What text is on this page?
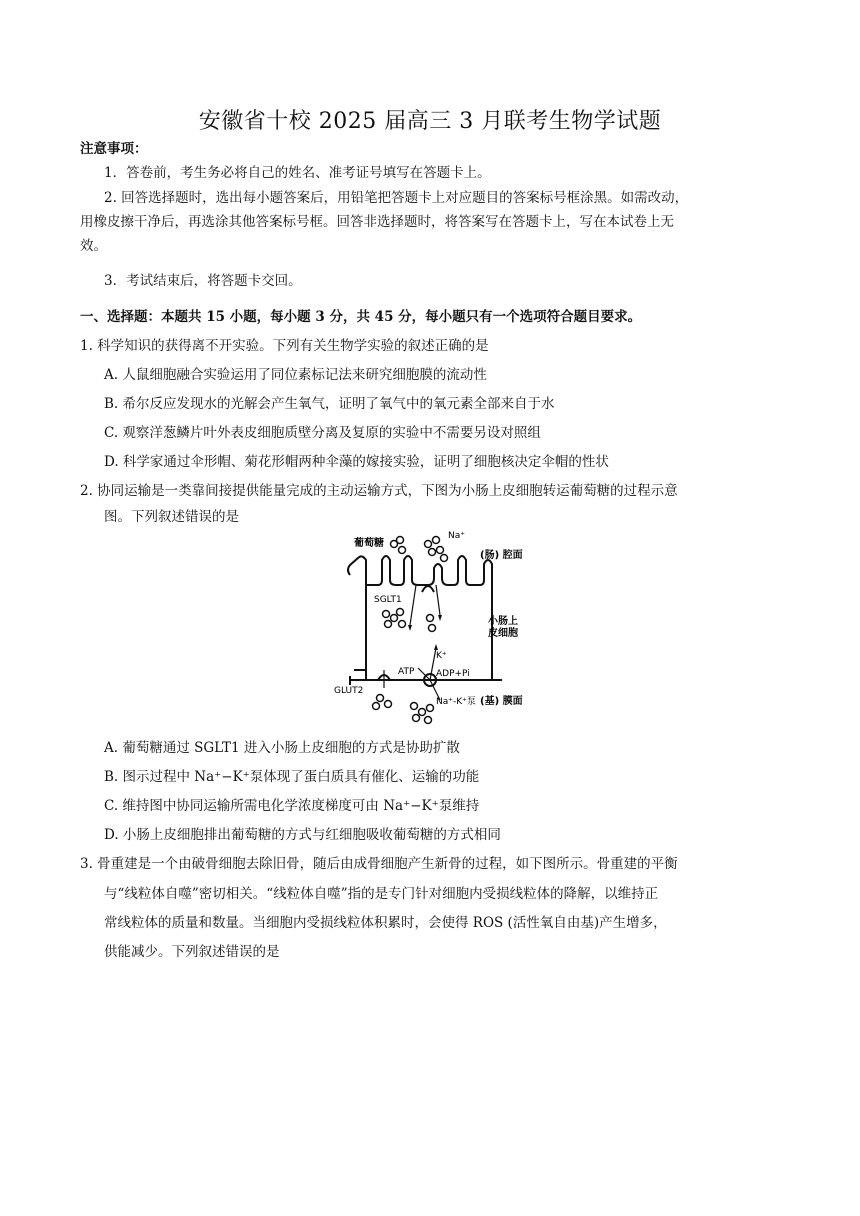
安徽省十校 2025 届高三 3 月联考生物学试题
注意事项：
1．答卷前，考生务必将自己的姓名、准考证号填写在答题卡上。
2. 回答选择题时，选出每小题答案后，用铅笔把答题卡上对应题目的答案标号框涂黑。如需改动，
用橡皮擦干净后，再选涂其他答案标号框。回答非选择题时，将答案写在答题卡上，写在本试卷上无
效。
3．考试结束后，将答题卡交回。
一、选择题：本题共 15 小题，每小题 3 分，共 45 分，每小题只有一个选项符合题目要求。
1. 科学知识的获得离不开实验。下列有关生物学实验的叙述正确的是
A. 人鼠细胞融合实验运用了同位素标记法来研究细胞膜的流动性
B. 希尔反应发现水的光解会产生氧气，证明了氧气中的氧元素全部来自于水
C. 观察洋葱鳞片叶外表皮细胞质壁分离及复原的实验中不需要另设对照组
D. 科学家通过伞形帽、菊花形帽两种伞藻的嫁接实验，证明了细胞核决定伞帽的性状
2. 协同运输是一类靠间接提供能量完成的主动运输方式，下图为小肠上皮细胞转运葡萄糖的过程示意
图。下列叙述错误的是
葡萄糖
Na⁺
(肠) 腔面
SGLT1
小肠上
皮细胞
K⁺
ATP ADP+Pi
GLUT2
Na⁺-K⁺泵 (基) 膜面
A. 葡萄糖通过 SGLT1 进入小肠上皮细胞的方式是协助扩散
B. 图示过程中 Na⁺−K⁺泵体现了蛋白质具有催化、运输的功能
C. 维持图中协同运输所需电化学浓度梯度可由 Na⁺−K⁺泵维持
D. 小肠上皮细胞排出葡萄糖的方式与红细胞吸收葡萄糖的方式相同
3. 骨重建是一个由破骨细胞去除旧骨，随后由成骨细胞产生新骨的过程，如下图所示。骨重建的平衡
与“线粒体自噬”密切相关。“线粒体自噬”指的是专门针对细胞内受损线粒体的降解，以维持正
常线粒体的质量和数量。当细胞内受损线粒体积累时，会使得 ROS (活性氧自由基)产生增多，
供能减少。下列叙述错误的是
